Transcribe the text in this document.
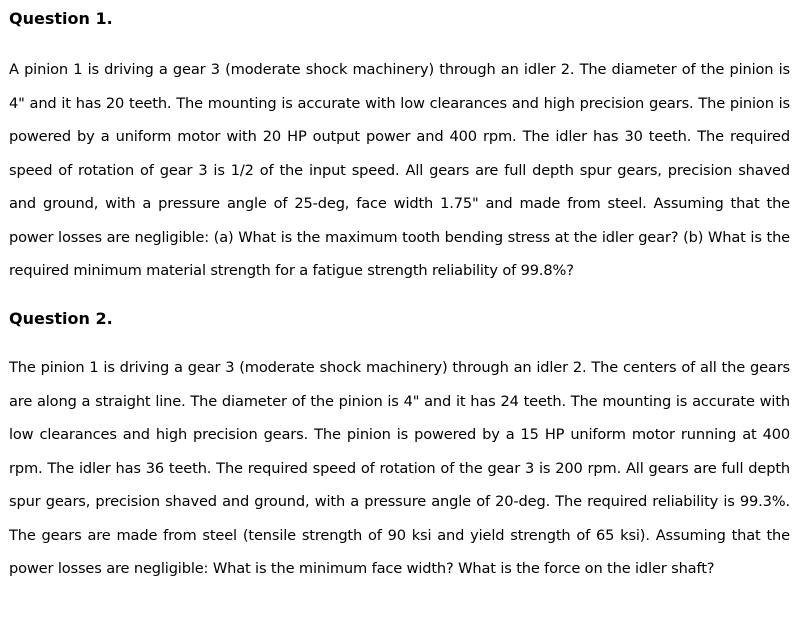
Question 1.

A pinion 1 is driving a gear 3 (moderate shock machinery) through an idler 2. The diameter of the pinion is 4" and it has 20 teeth. The mounting is accurate with low clearances and high precision gears. The pinion is powered by a uniform motor with 20 HP output power and 400 rpm. The idler has 30 teeth. The required speed of rotation of gear 3 is 1/2 of the input speed. All gears are full depth spur gears, precision shaved and ground, with a pressure angle of 25-deg, face width 1.75" and made from steel. Assuming that the power losses are negligible: (a) What is the maximum tooth bending stress at the idler gear? (b) What is the required minimum material strength for a fatigue strength reliability of 99.8%?

Question 2.

The pinion 1 is driving a gear 3 (moderate shock machinery) through an idler 2. The centers of all the gears are along a straight line. The diameter of the pinion is 4" and it has 24 teeth. The mounting is accurate with low clearances and high precision gears. The pinion is powered by a 15 HP uniform motor running at 400 rpm. The idler has 36 teeth. The required speed of rotation of the gear 3 is 200 rpm. All gears are full depth spur gears, precision shaved and ground, with a pressure angle of 20-deg. The required reliability is 99.3%. The gears are made from steel (tensile strength of 90 ksi and yield strength of 65 ksi). Assuming that the power losses are negligible: What is the minimum face width? What is the force on the idler shaft?
